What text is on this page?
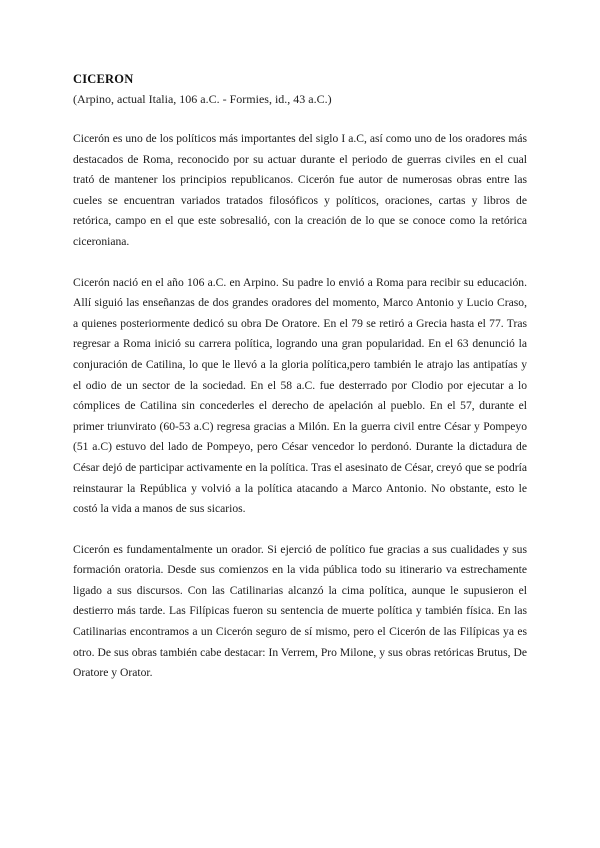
CICERON

(Arpino, actual Italia, 106 a.C. - Formies, id., 43 a.C.)

Cicerón es uno de los políticos más importantes del siglo I a.C, así como uno de los oradores más destacados de Roma, reconocido por su actuar durante el periodo de guerras civiles en el cual trató de mantener los principios republicanos. Cicerón fue autor de numerosas obras entre las cueles se encuentran variados tratados filosóficos y políticos, oraciones, cartas y libros de retórica, campo en el que este sobresalió, con la creación de lo que se conoce como la retórica ciceroniana.

Cicerón nació en el año 106 a.C. en Arpino. Su padre lo envió a Roma para recibir su educación. Allí siguió las enseñanzas de dos grandes oradores del momento, Marco Antonio y Lucio Craso, a quienes posteriormente dedicó su obra De Oratore. En el 79 se retiró a Grecia hasta el 77. Tras regresar a Roma inició su carrera política, logrando una gran popularidad. En el 63 denunció la conjuración de Catilina, lo que le llevó a la gloria política,pero también le atrajo las antipatías y el odio de un sector de la sociedad. En el 58 a.C. fue desterrado por Clodio por ejecutar a lo cómplices de Catilina sin concederles el derecho de apelación al pueblo. En el 57, durante el primer triunvirato (60-53 a.C) regresa gracias a Milón. En la guerra civil entre César y Pompeyo (51 a.C) estuvo del lado de Pompeyo, pero César vencedor lo perdonó. Durante la dictadura de César dejó de participar activamente en la política. Tras el asesinato de César, creyó que se podría reinstaurar la República y volvió a la política atacando a Marco Antonio. No obstante, esto le costó la vida a manos de sus sicarios.

Cicerón es fundamentalmente un orador. Si ejerció de político fue gracias a sus cualidades y sus formación oratoria. Desde sus comienzos en la vida pública todo su itinerario va estrechamente ligado a sus discursos. Con las Catilinarias alcanzó la cima política, aunque le supusieron el destierro más tarde. Las Filípicas fueron su sentencia de muerte política y también física. En las Catilinarias encontramos a un Cicerón seguro de sí mismo, pero el Cicerón de las Filípicas ya es otro. De sus obras también cabe destacar: In Verrem, Pro Milone, y sus obras retóricas Brutus, De Oratore y Orator.
